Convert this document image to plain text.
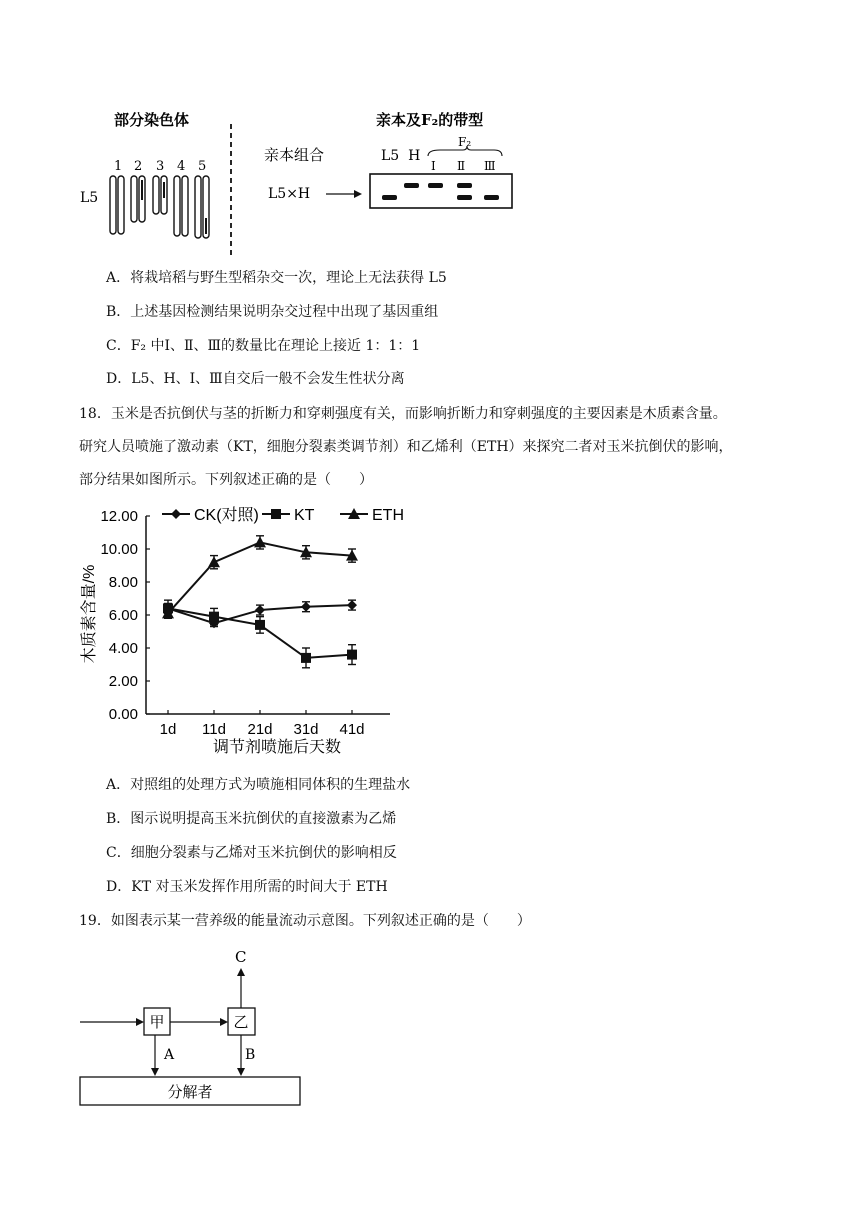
部分染色体
L5
1 2 3 4 5
亲本及F₂的带型
亲本组合	L5  H
F₂
Ⅰ Ⅱ Ⅲ
L5×H
A．将栽培稻与野生型稻杂交一次，理论上无法获得 L5
B．上述基因检测结果说明杂交过程中出现了基因重组
C．F₂ 中Ⅰ、Ⅱ、Ⅲ的数量比在理论上接近 1：1：1
D．L5、H、Ⅰ、Ⅲ自交后一般不会发生性状分离
18．玉米是否抗倒伏与茎的折断力和穿刺强度有关，而影响折断力和穿刺强度的主要因素是木质素含量。
研究人员喷施了激动素（KT，细胞分裂素类调节剂）和乙烯利（ETH）来探究二者对玉米抗倒伏的影响，
部分结果如图所示。下列叙述正确的是（　　）
0.00
2.00
4.00
6.00
8.00
10.00
12.00
1d 11d 21d 31d 41d
CK(对照) KT	ETH
木质素含量/%
调节剂喷施后天数
A．对照组的处理方式为喷施相同体积的生理盐水
B．图示说明提高玉米抗倒伏的直接激素为乙烯
C．细胞分裂素与乙烯对玉米抗倒伏的影响相反
D．KT 对玉米发挥作用所需的时间大于 ETH
19．如图表示某一营养级的能量流动示意图。下列叙述正确的是（　　）
C
甲	乙
A	B
分解者
